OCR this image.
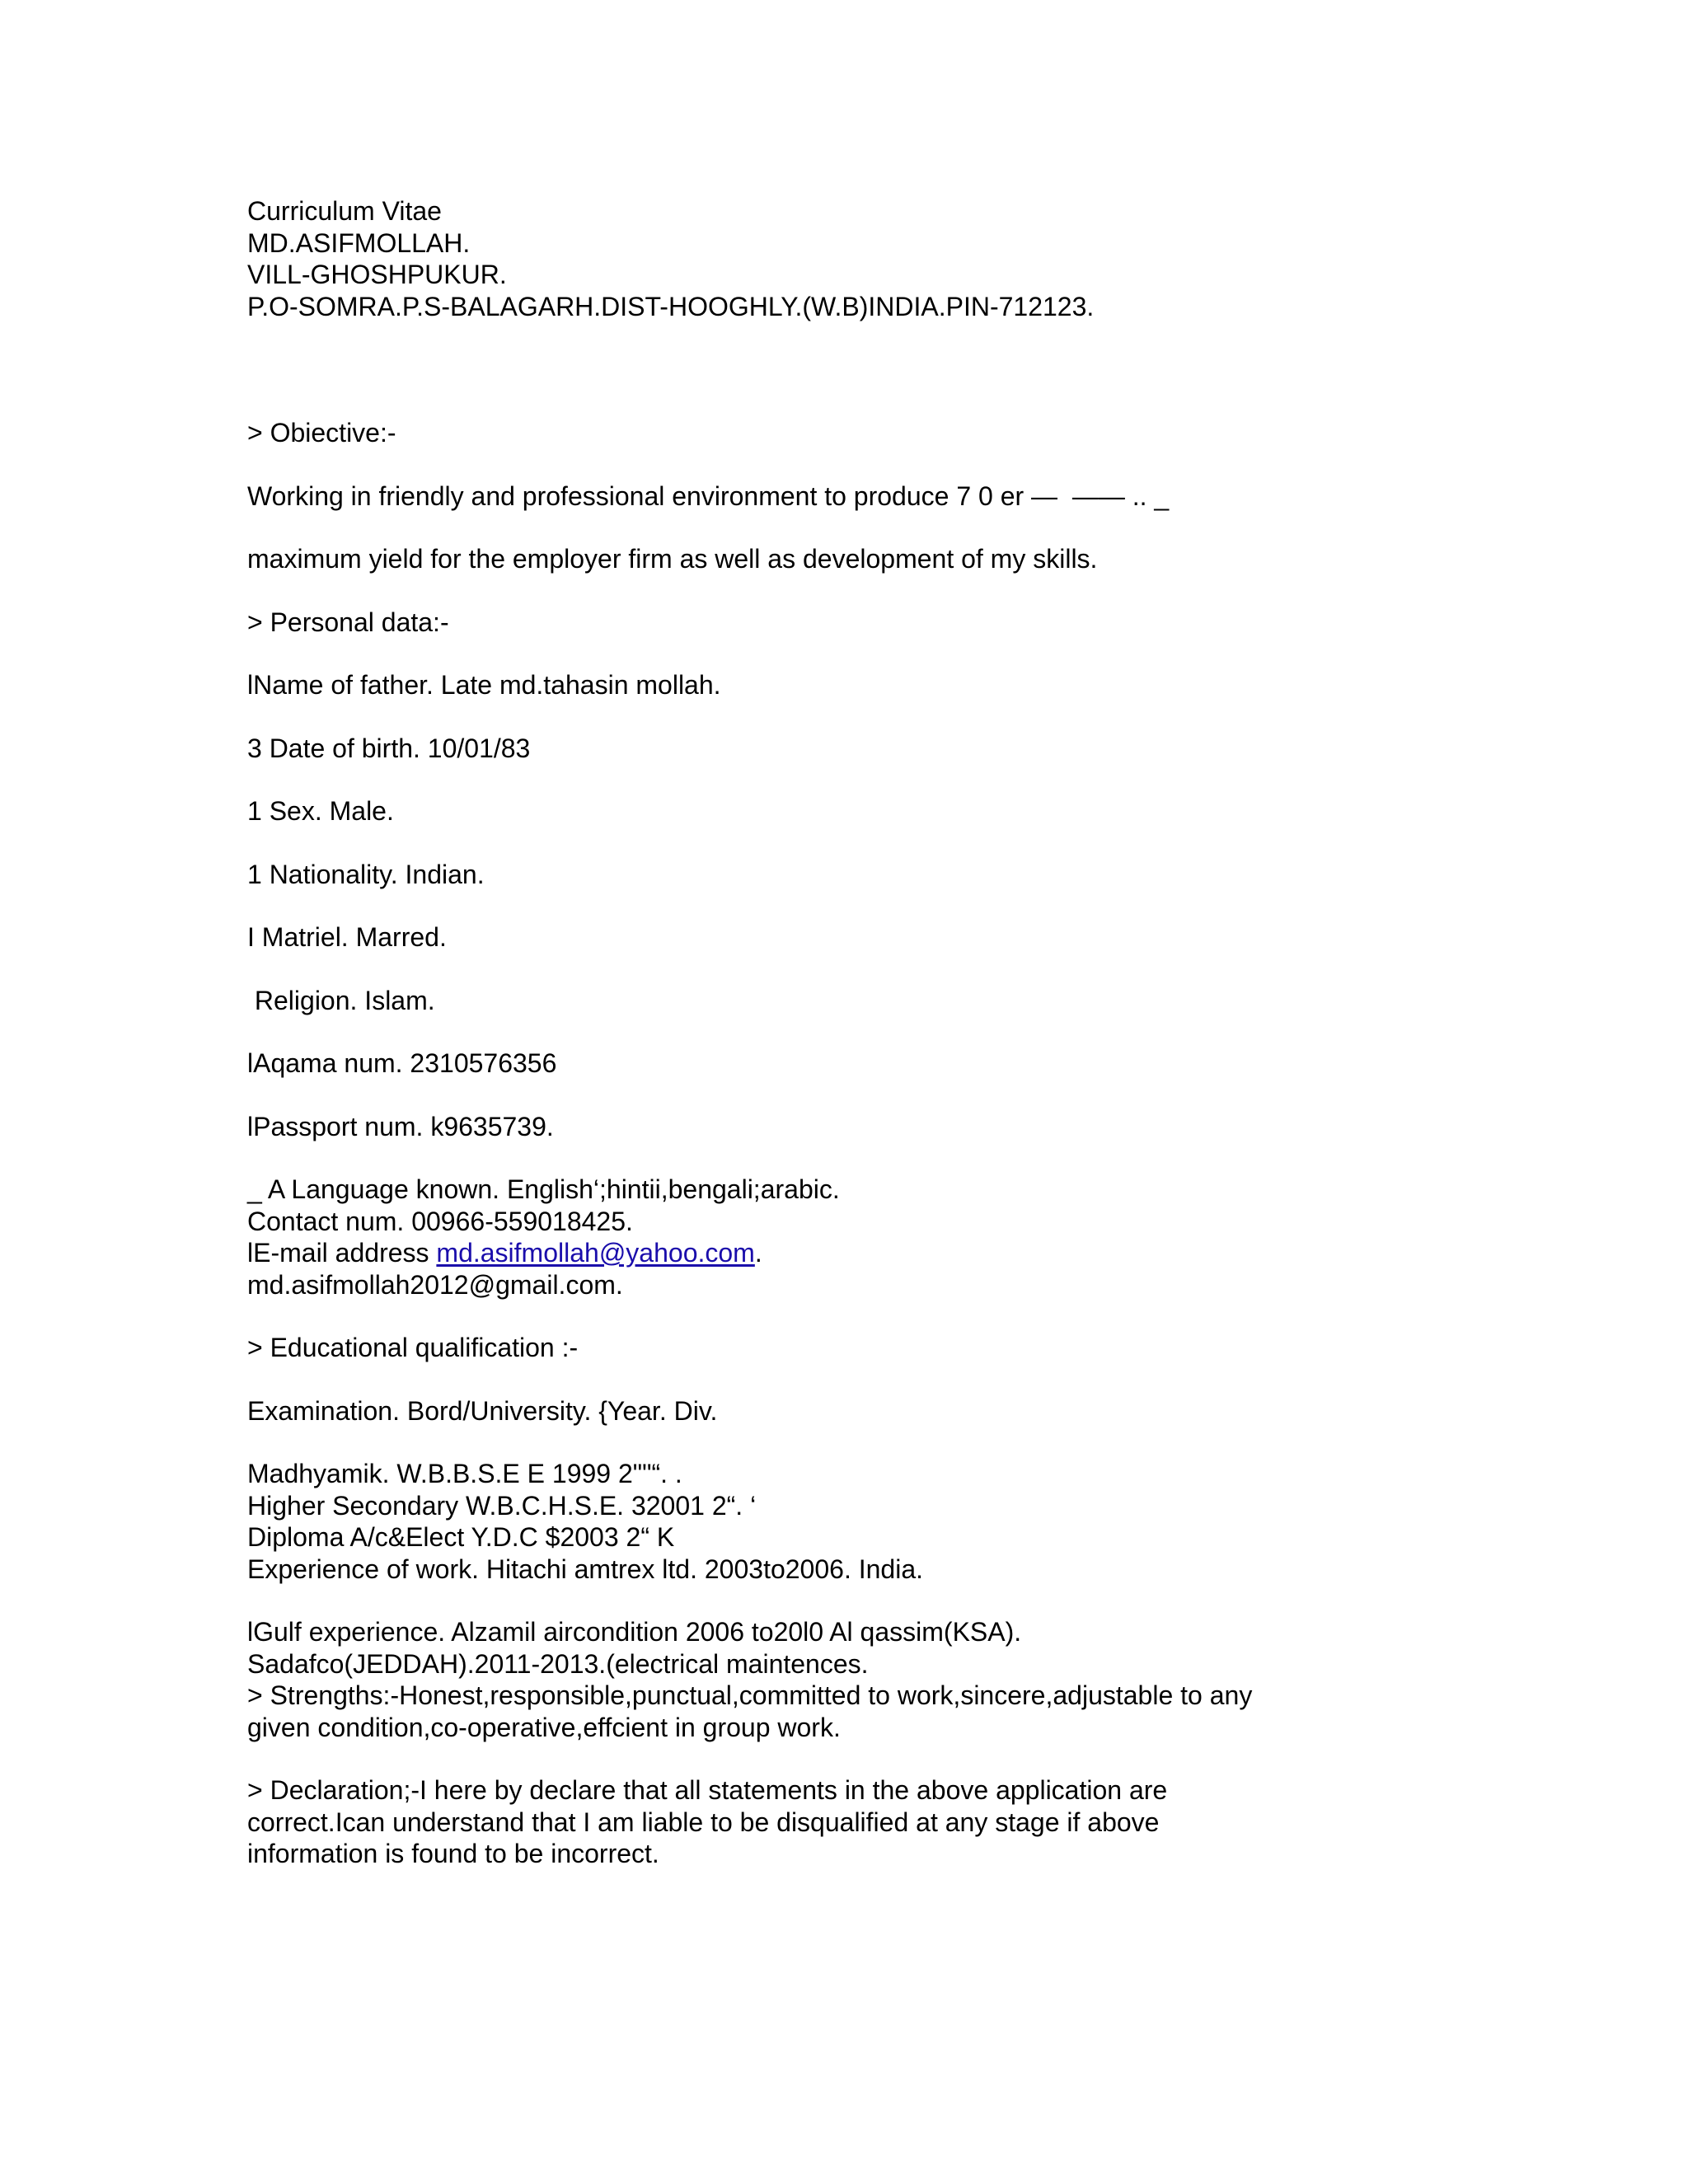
Curriculum Vitae
MD.ASIFMOLLAH.
VILL-GHOSHPUKUR.
P.O-SOMRA.P.S-BALAGARH.DIST-HOOGHLY.(W.B)INDIA.PIN-712123.
> Obiective:-
Working in friendly and professional environment to produce 7 0 er —  —— .. _
maximum yield for the employer firm as well as development of my skills.
> Personal data:-
lName of father. Late md.tahasin mollah.
3 Date of birth. 10/01/83
1 Sex. Male.
1 Nationality. Indian.
I Matriel. Marred.
Religion. Islam.
lAqama num. 2310576356
lPassport num. k9635739.
_ A Language known. English‘;hintii,bengali;arabic.
Contact num. 00966-559018425.
lE-mail address md.asifmollah@yahoo.com.
md.asifmollah2012@gmail.com.
> Educational qualification :-
Examination. Bord/University. {Year. Div.
Madhyamik. W.B.B.S.E E 1999 2""“. .
Higher Secondary W.B.C.H.S.E. 32001 2“. ‘
Diploma A/c&Elect Y.D.C $2003 2“ K
Experience of work. Hitachi amtrex ltd. 2003to2006. India.
lGulf experience. Alzamil aircondition 2006 to20l0 Al qassim(KSA).
Sadafco(JEDDAH).2011-2013.(electrical maintences.
> Strengths:-Honest,responsible,punctual,committed to work,sincere,adjustable to any
given condition,co-operative,effcient in group work.
> Declaration;-I here by declare that all statements in the above application are
correct.Ican understand that I am liable to be disqualified at any stage if above
information is found to be incorrect.
